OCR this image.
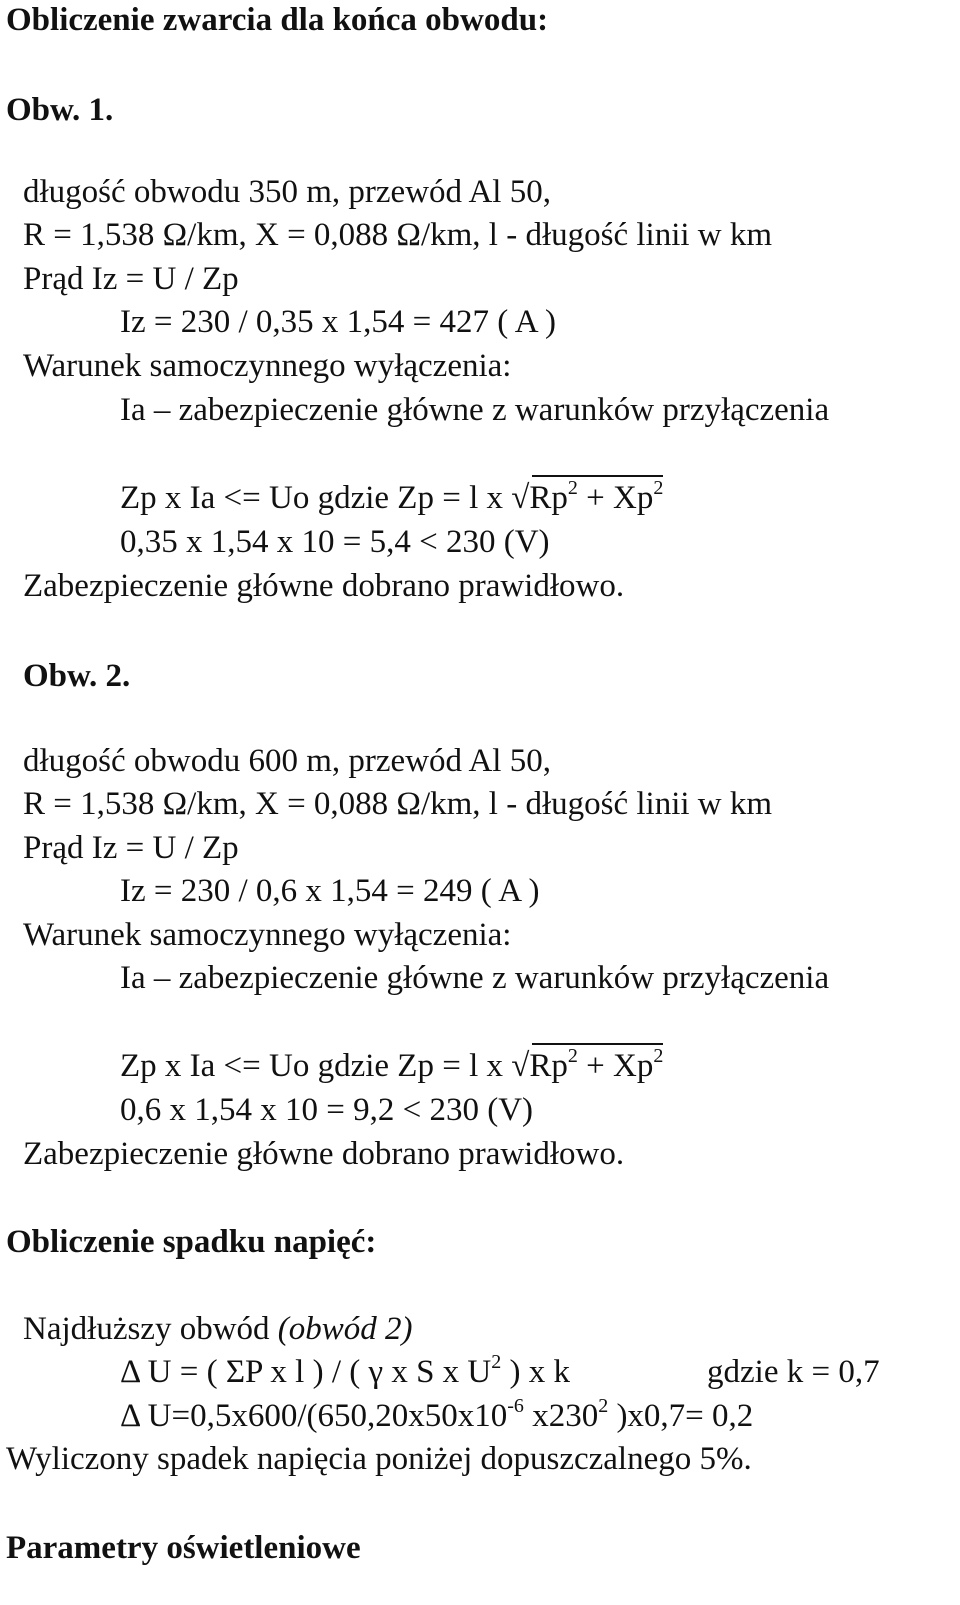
Obliczenie zwarcia dla końca obwodu:
Obw. 1.
długość obwodu 350 m, przewód Al 50,
R = 1,538 Ω/km, X = 0,088 Ω/km, l - długość linii w km
Prąd Iz = U / Zp
Iz = 230 / 0,35 x 1,54 = 427 ( A )
Warunek samoczynnego wyłączenia:
Ia – zabezpieczenie główne z warunków przyłączenia
Zp x Ia <= Uo gdzie Zp = l x $√Rp^2 + Xp^2$
0,35 x 1,54 x 10 = 5,4 < 230 (V)
Zabezpieczenie główne dobrano prawidłowo.
Obw. 2.
długość obwodu 600 m, przewód Al 50,
R = 1,538 Ω/km, X = 0,088 Ω/km, l - długość linii w km
Prąd Iz = U / Zp
Iz = 230 / 0,6 x 1,54 = 249 ( A )
Warunek samoczynnego wyłączenia:
Ia – zabezpieczenie główne z warunków przyłączenia
Zp x Ia <= Uo gdzie Zp = l x $√Rp^2 + Xp^2$
0,6 x 1,54 x 10 = 9,2 < 230 (V)
Zabezpieczenie główne dobrano prawidłowo.
Obliczenie spadku napięć:
Najdłuższy obwód (obwód 2)
Δ U = ( ΣP x l ) / ( γ x S x $U^2$ ) x k	gdzie k = 0,7
Δ $U=0,5x600/(650,20x50x10^{-6}$ $x230^2$ )x0,7= 0,2
Wyliczony spadek napięcia poniżej dopuszczalnego 5%.
Parametry oświetleniowe
